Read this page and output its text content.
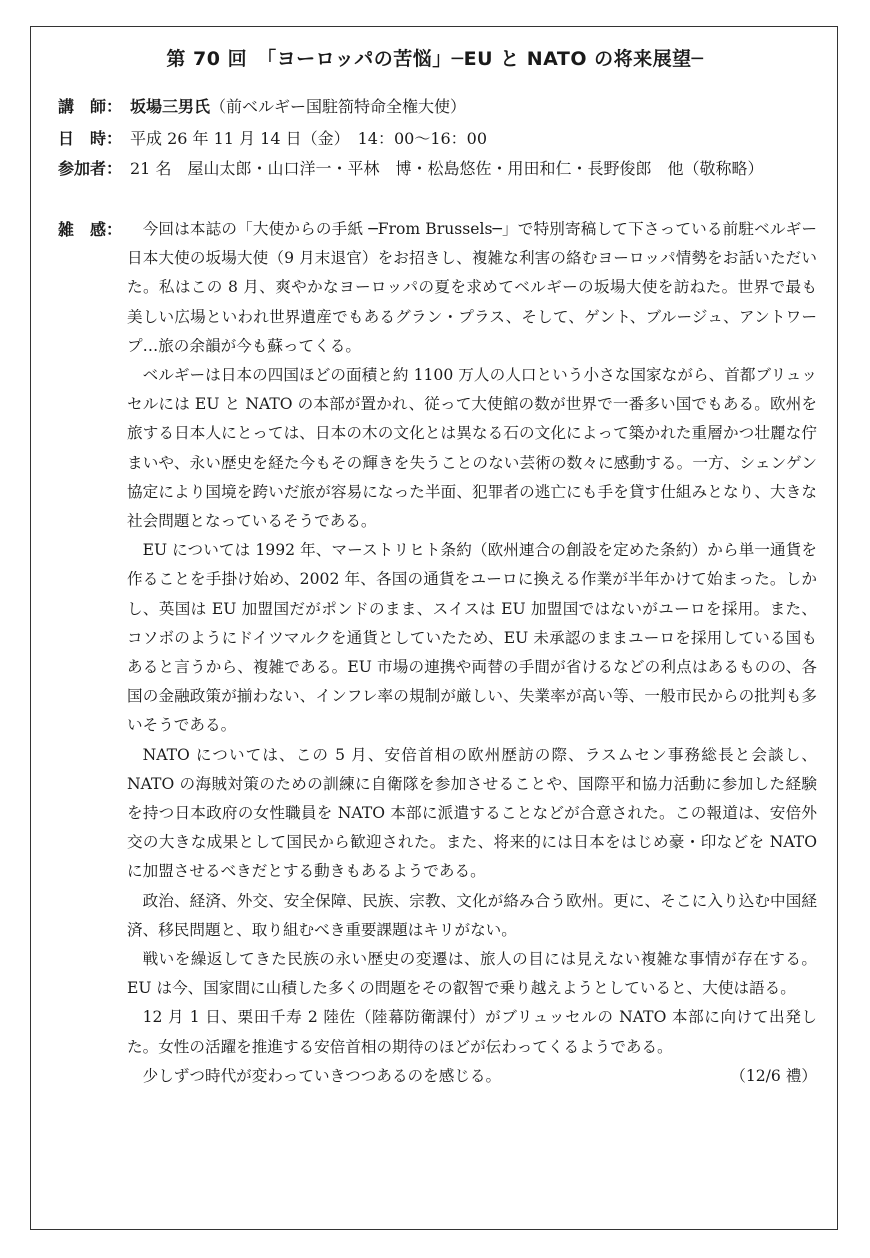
第 70 回　「ヨーロッパの苦悩」─EU と NATO の将来展望─
講　師： 坂場三男氏（前ベルギー国駐箚特命全権大使）
日　時： 平成 26 年 11 月 14 日（金）　14：00〜16：00
参加者： 21 名　屋山太郎・山口洋一・平林　博・松島悠佐・用田和仁・長野俊郎　他（敬称略）
雑　感：	今回は本誌の「大使からの手紙 ─From Brussels─」で特別寄稿して下さっている前駐ベルギー日本大使の坂場大使（9 月末退官）をお招きし、複雑な利害の絡むヨーロッパ情勢をお話いただいた。私はこの 8 月、爽やかなヨーロッパの夏を求めてベルギーの坂場大使を訪ねた。世界で最も美しい広場といわれ世界遺産でもあるグラン・プラス、そして、ゲント、ブルージュ、アントワープ…旅の余韻が今も蘇ってくる。

ベルギーは日本の四国ほどの面積と約 1100 万人の人口という小さな国家ながら、首都ブリュッセルには EU と NATO の本部が置かれ、従って大使館の数が世界で一番多い国でもある。欧州を旅する日本人にとっては、日本の木の文化とは異なる石の文化によって築かれた重層かつ壮麗な佇まいや、永い歴史を経た今もその輝きを失うことのない芸術の数々に感動する。一方、シェンゲン協定により国境を跨いだ旅が容易になった半面、犯罪者の逃亡にも手を貸す仕組みとなり、大きな社会問題となっているそうである。

EU については 1992 年、マーストリヒト条約（欧州連合の創設を定めた条約）から単一通貨を作ることを手掛け始め、2002 年、各国の通貨をユーロに換える作業が半年かけて始まった。しかし、英国は EU 加盟国だがポンドのまま、スイスは EU 加盟国ではないがユーロを採用。また、コソボのようにドイツマルクを通貨としていたため、EU 未承認のままユーロを採用している国もあると言うから、複雑である。EU 市場の連携や両替の手間が省けるなどの利点はあるものの、各国の金融政策が揃わない、インフレ率の規制が厳しい、失業率が高い等、一般市民からの批判も多いそうである。

NATO については、この 5 月、安倍首相の欧州歴訪の際、ラスムセン事務総長と会談し、NATO の海賊対策のための訓練に自衛隊を参加させることや、国際平和協力活動に参加した経験を持つ日本政府の女性職員を NATO 本部に派遣することなどが合意された。この報道は、安倍外交の大きな成果として国民から歓迎された。また、将来的には日本をはじめ豪・印などを NATO に加盟させるべきだとする動きもあるようである。

政治、経済、外交、安全保障、民族、宗教、文化が絡み合う欧州。更に、そこに入り込む中国経済、移民問題と、取り組むべき重要課題はキリがない。

戦いを繰返してきた民族の永い歴史の変遷は、旅人の目には見えない複雑な事情が存在する。EU は今、国家間に山積した多くの問題をその叡智で乗り越えようとしていると、大使は語る。

12 月 1 日、栗田千寿 2 陸佐（陸幕防衛課付）がブリュッセルの NATO 本部に向けて出発した。女性の活躍を推進する安倍首相の期待のほどが伝わってくるようである。

少しずつ時代が変わっていきつつあるのを感じる。	（12/6 禮）
